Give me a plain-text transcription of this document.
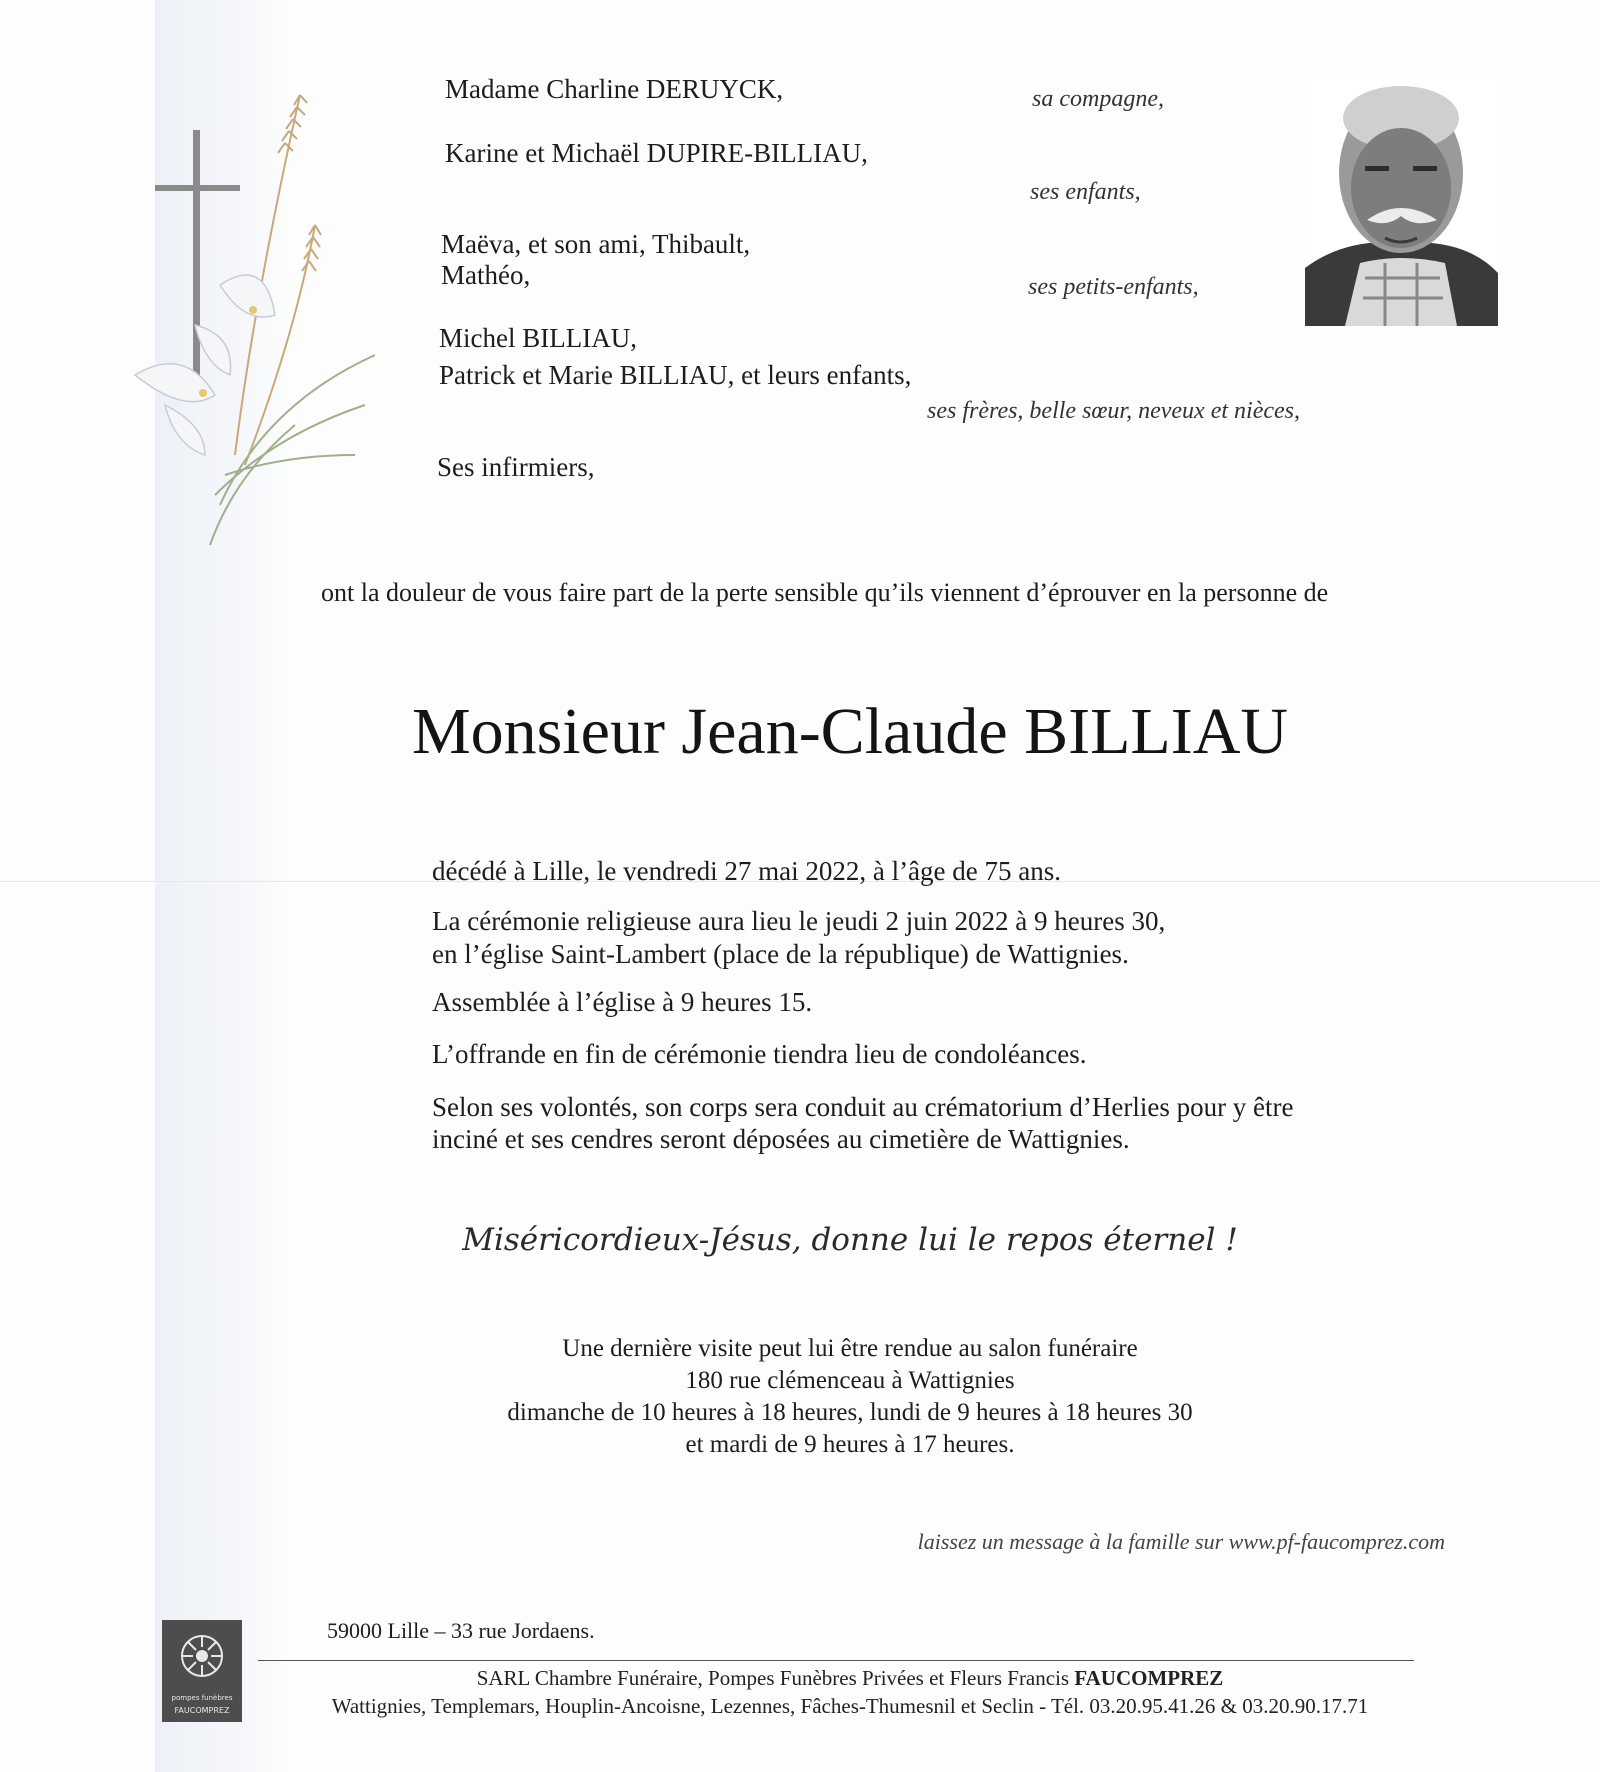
Madame Charline DERUYCK,	sa compagne,
Karine et Michaël DUPIRE-BILLIAU,
ses enfants,
Maëva, et son ami, Thibault,
Mathéo,	ses petits-enfants,
Michel BILLIAU,
Patrick et Marie BILLIAU, et leurs enfants,
ses frères, belle sœur, neveux et nièces,
Ses infirmiers,
ont la douleur de vous faire part de la perte sensible qu’ils viennent d’éprouver en la personne de
Monsieur Jean-Claude BILLIAU
décédé à Lille, le vendredi 27 mai 2022, à l’âge de 75 ans.
La cérémonie religieuse aura lieu le jeudi 2 juin 2022 à 9 heures 30,
en l’église Saint-Lambert (place de la république) de Wattignies.
Assemblée à l’église à 9 heures 15.
L’offrande en fin de cérémonie tiendra lieu de condoléances.
Selon ses volontés, son corps sera conduit au crématorium d’Herlies pour y être
inciné et ses cendres seront déposées au cimetière de Wattignies.
Miséricordieux-Jésus, donne lui le repos éternel !
Une dernière visite peut lui être rendue au salon funéraire
180 rue clémenceau à Wattignies
dimanche de 10 heures à 18 heures, lundi de 9 heures à 18 heures 30
et mardi de 9 heures à 17 heures.
laissez un message à la famille sur www.pf-faucomprez.com
pompes funèbres
FAUCOMPREZ
59000 Lille – 33 rue Jordaens.
SARL Chambre Funéraire, Pompes Funèbres Privées et Fleurs Francis FAUCOMPREZ
Wattignies, Templemars, Houplin-Ancoisne, Lezennes, Fâches-Thumesnil et Seclin - Tél. 03.20.95.41.26 & 03.20.90.17.71
